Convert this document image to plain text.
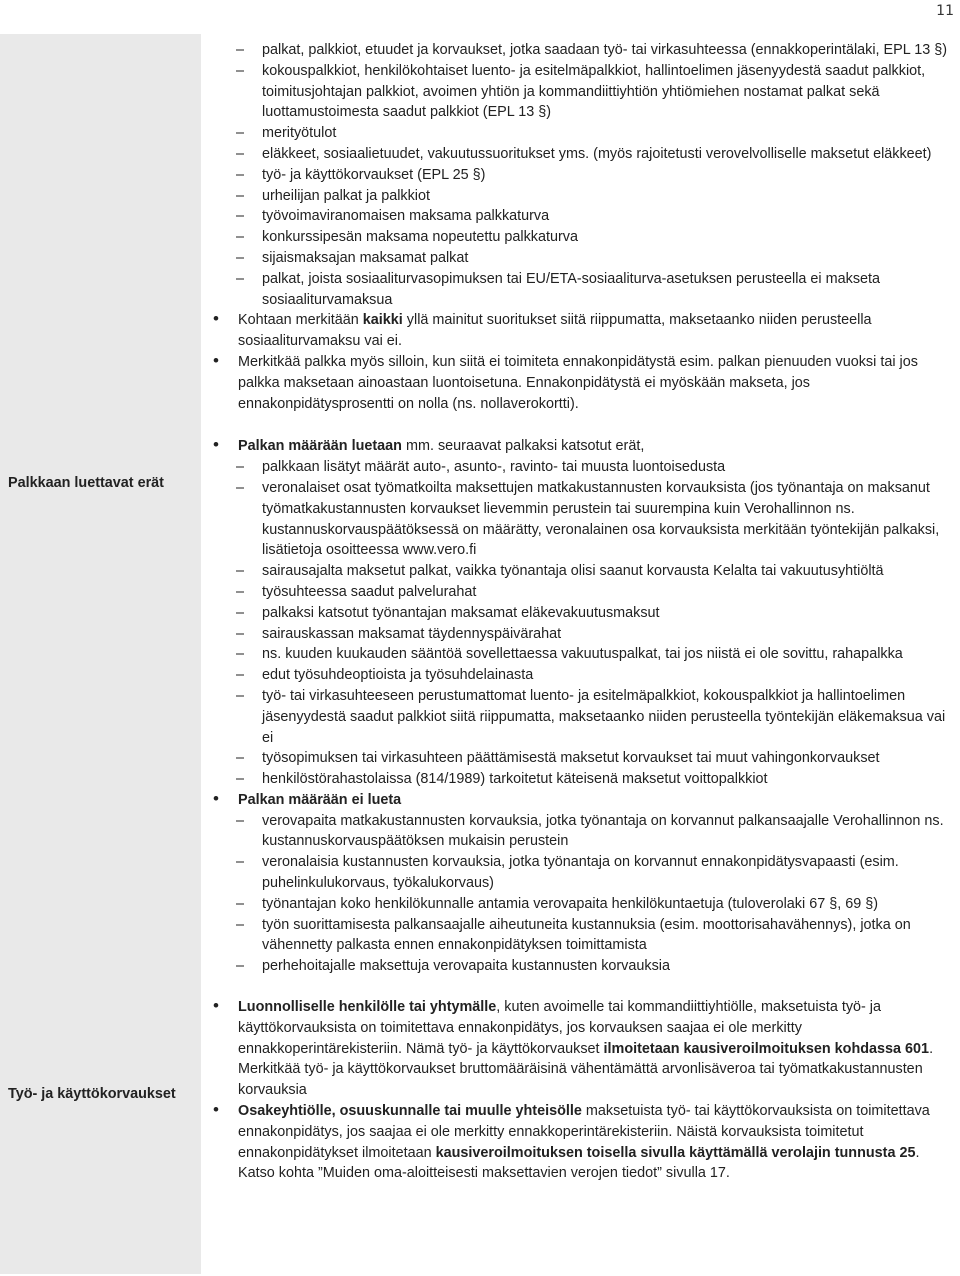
11
Palkkaan luettavat erät
Työ- ja käyttökorvaukset
– palkat, palkkiot, etuudet ja korvaukset, jotka saadaan työ- tai virkasuhteessa (ennakkoperintälaki, EPL 13 §)
– kokouspalkkiot, henkilökohtaiset luento- ja esitelmäpalkkiot, hallintoelimen jäsenyydestä saadut palkkiot, toimitusjohtajan palkkiot, avoimen yhtiön ja kommandiittiyhtiön yhtiömiehen nostamat palkat sekä luottamustoimesta saadut palkkiot (EPL 13 §)
– merityötulot
– eläkkeet, sosiaalietuudet, vakuutussuoritukset yms. (myös rajoitetusti verovelvolliselle maksetut eläkkeet)
– työ- ja käyttökorvaukset (EPL 25 §)
– urheilijan palkat ja palkkiot
– työvoimaviranomaisen maksama palkkaturva
– konkurssipesän maksama nopeutettu palkkaturva
– sijaismaksajan maksamat palkat
– palkat, joista sosiaaliturvasopimuksen tai EU/ETA-sosiaaliturva-asetuksen perusteella ei makseta sosiaaliturvamaksua
• Kohtaan merkitään kaikki yllä mainitut suoritukset siitä riippumatta, maksetaanko niiden perusteella sosiaaliturvamaksu vai ei.
• Merkitkää palkka myös silloin, kun siitä ei toimiteta ennakonpidätystä esim. palkan pienuuden vuoksi tai jos palkka maksetaan ainoastaan luontoisetuna. Ennakonpidätystä ei myöskään makseta, jos ennakonpidätysprosentti on nolla (ns. nollaverokortti).
• Palkan määrään luetaan mm. seuraavat palkaksi katsotut erät,
– palkkaan lisätyt määrät auto-, asunto-, ravinto- tai muusta luontoisedusta
– veronalaiset osat työmatkoilta maksettujen matkakustannusten korvauksista (jos työnantaja on maksanut työmatkakustannusten korvaukset lievemmin perustein tai suurempina kuin Verohallinnon ns. kustannuskorvauspäätöksessä on määrätty, veronalainen osa korvauksista merkitään työntekijän palkaksi, lisätietoja osoitteessa www.vero.fi
– sairausajalta maksetut palkat, vaikka työnantaja olisi saanut korvausta Kelalta tai vakuutusyhtiöltä
– työsuhteessa saadut palvelurahat
– palkaksi katsotut työnantajan maksamat eläkevakuutusmaksut
– sairauskassan maksamat täydennyspäivärahat
– ns. kuuden kuukauden sääntöä sovellettaessa vakuutuspalkat, tai jos niistä ei ole sovittu, rahapalkka
– edut työsuhdeoptioista ja työsuhdelainasta
– työ- tai virkasuhteeseen perustumattomat luento- ja esitelmäpalkkiot, kokouspalkkiot ja hallintoelimen jäsenyydestä saadut palkkiot siitä riippumatta, maksetaanko niiden perusteella työntekijän eläkemaksua vai ei
– työsopimuksen tai virkasuhteen päättämisestä maksetut korvaukset tai muut vahingonkorvaukset
– henkilöstörahastolaissa (814/1989) tarkoitetut käteisenä maksetut voittopalkkiot
• Palkan määrään ei lueta
– verovapaita matkakustannusten korvauksia, jotka työnantaja on korvannut palkansaajalle Verohallinnon ns. kustannuskorvauspäätöksen mukaisin perustein
– veronalaisia kustannusten korvauksia, jotka työnantaja on korvannut ennakonpidätysvapaasti (esim. puhelinkulukorvaus, työkalukorvaus)
– työnantajan koko henkilökunnalle antamia verovapaita henkilökuntaetuja (tuloverolaki 67 §, 69 §)
– työn suorittamisesta palkansaajalle aiheutuneita kustannuksia (esim. moottorisahavähennys), jotka on vähennetty palkasta ennen ennakonpidätyksen toimittamista
– perhehoitajalle maksettuja verovapaita kustannusten korvauksia
• Luonnolliselle henkilölle tai yhtymälle, kuten avoimelle tai kommandiittiyhtiölle, maksetuista työ- ja käyttökorvauksista on toimitettava ennakonpidätys, jos korvauksen saajaa ei ole merkitty ennakkoperintärekisteriin. Nämä työ- ja käyttökorvaukset ilmoitetaan kausiveroilmoituksen kohdassa 601. Merkitkää työ- ja käyttökorvaukset bruttomääräisinä vähentämättä arvonlisäveroa tai työmatkakustannusten korvauksia
• Osakeyhtiölle, osuuskunnalle tai muulle yhteisölle maksetuista työ- tai käyttökorvauksista on toimitettava ennakonpidätys, jos saajaa ei ole merkitty ennakkoperintärekisteriin. Näistä korvauksista toimitetut ennakonpidätykset ilmoitetaan kausiveroilmoituksen toisella sivulla käyttämällä verolajin tunnusta 25. Katso kohta ”Muiden oma-aloitteisesti maksettavien verojen tiedot” sivulla 17.
